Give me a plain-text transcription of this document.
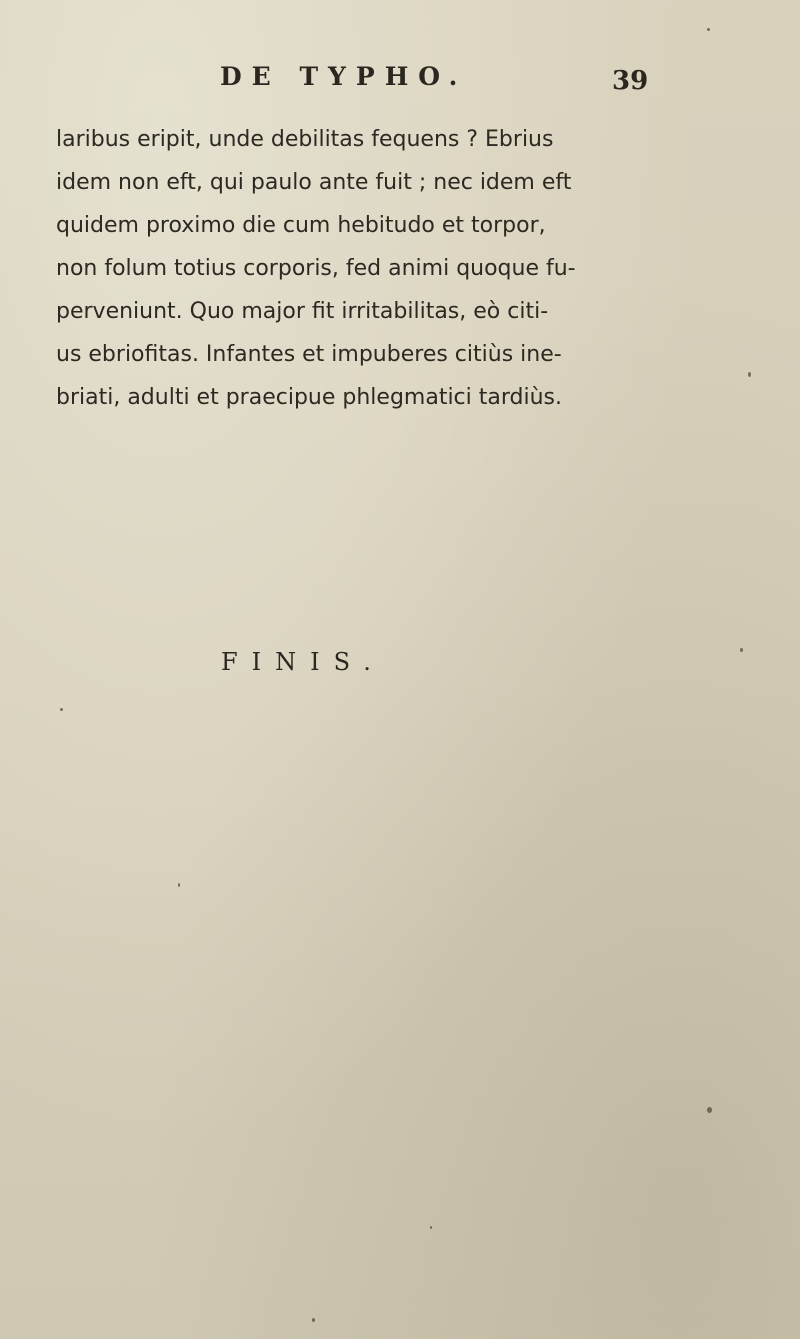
DE TYPHO.	39
laribus eripit, unde debilitas fequens ? Ebrius
idem non eft, qui paulo ante fuit ; nec idem eft
quidem proximo die cum hebitudo et torpor,
non folum totius corporis, fed animi quoque fu-
perveniunt. Quo major fit irritabilitas, eò citi-
us ebriofitas. Infantes et impuberes citiùs ine-
briati, adulti et praecipue phlegmatici tardiùs.
FINIS.
